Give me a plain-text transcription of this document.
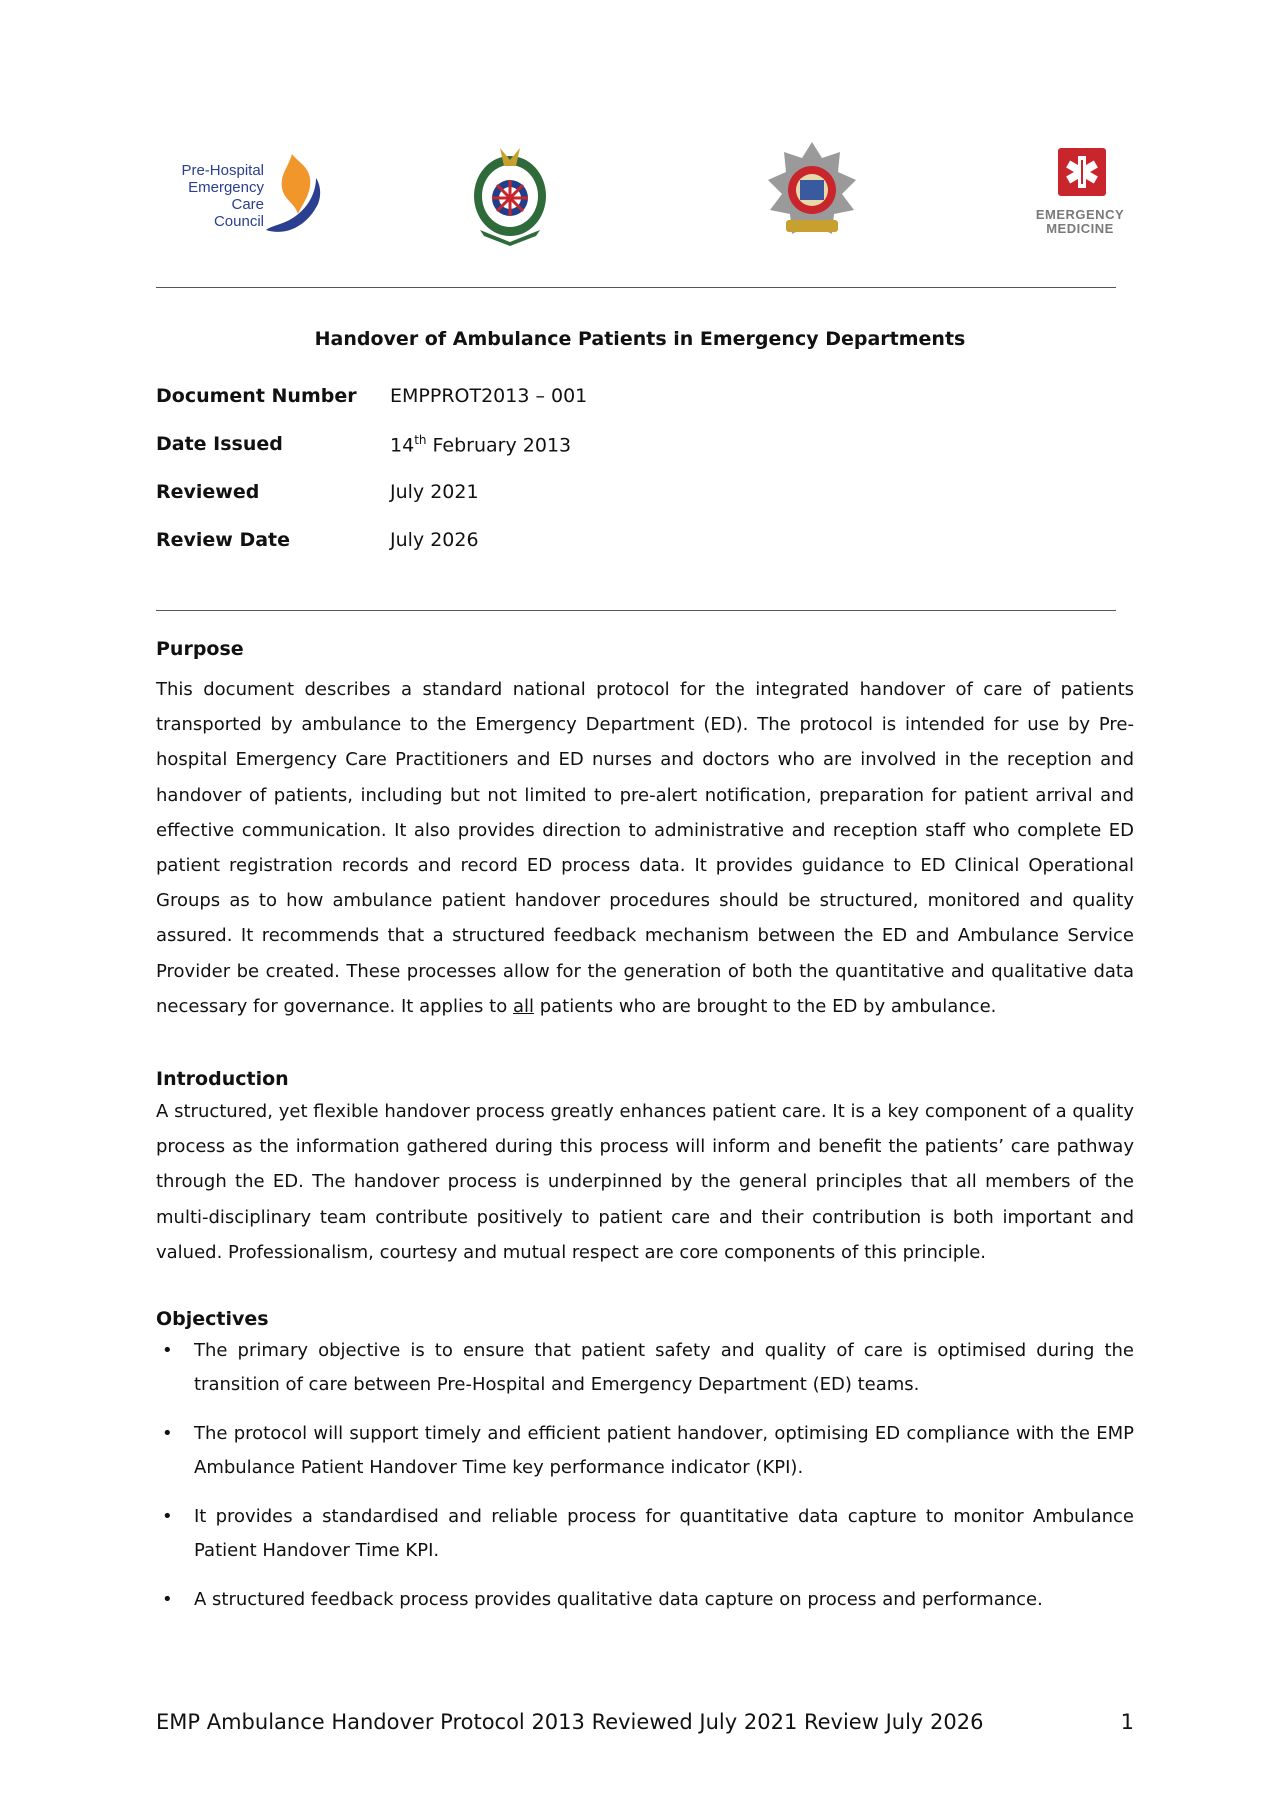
Pre-Hospital
Emergency Care
Council	EMERGENCY
MEDICINE
Handover of Ambulance Patients in Emergency Departments
Document Number EMPPROT2013 – 001
Date Issued	14th February 2013
Reviewed	July 2021
Review Date	July 2026

Purpose

This document describes a standard national protocol for the integrated handover of care of patients transported by ambulance to the Emergency Department (ED). The protocol is intended for use by Pre-hospital Emergency Care Practitioners and ED nurses and doctors who are involved in the reception and handover of patients, including but not limited to pre-alert notification, preparation for patient arrival and effective communication. It also provides direction to administrative and reception staff who complete ED patient registration records and record ED process data. It provides guidance to ED Clinical Operational Groups as to how ambulance patient handover procedures should be structured, monitored and quality assured. It recommends that a structured feedback mechanism between the ED and Ambulance Service Provider be created. These processes allow for the generation of both the quantitative and qualitative data necessary for governance. It applies to all patients who are brought to the ED by ambulance.

Introduction

A structured, yet flexible handover process greatly enhances patient care. It is a key component of a quality process as the information gathered during this process will inform and benefit the patients’ care pathway through the ED. The handover process is underpinned by the general principles that all members of the multi-disciplinary team contribute positively to patient care and their contribution is both important and valued. Professionalism, courtesy and mutual respect are core components of this principle.

Objectives

• The primary objective is to ensure that patient safety and quality of care is optimised during the transition of care between Pre-Hospital and Emergency Department (ED) teams.
• The protocol will support timely and efficient patient handover, optimising ED compliance with the EMP Ambulance Patient Handover Time key performance indicator (KPI).
• It provides a standardised and reliable process for quantitative data capture to monitor Ambulance Patient Handover Time KPI.
• A structured feedback process provides qualitative data capture on process and performance.
EMP Ambulance Handover Protocol 2013 Reviewed July 2021 Review July 2026	1
